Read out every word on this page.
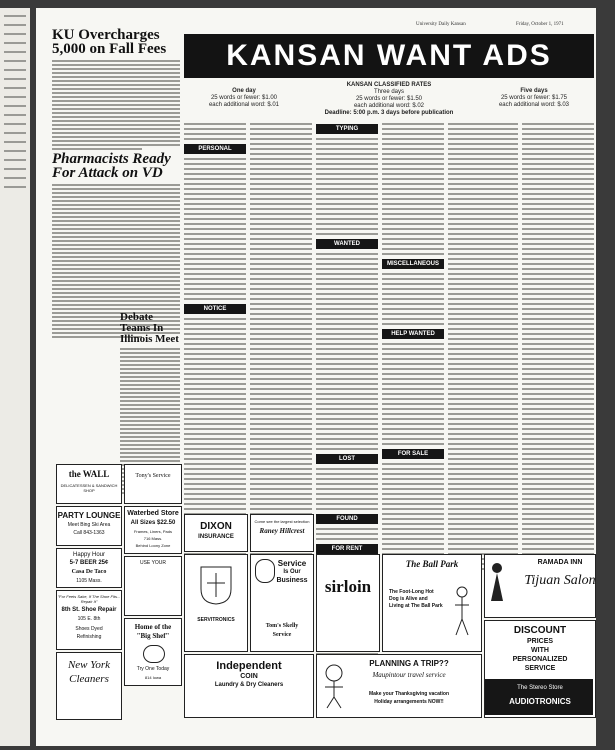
University Daily Kansan	Friday, October 1, 1971
KU Overcharges 5,000 on Fall Fees
Pharmacists Ready For Attack on VD
Debate Teams In Illinois Meet
KANSAN WANT ADS
One day
25 words or fewer: $1.00
each additional word: $.01
KANSAN CLASSIFIED RATES
Three days
25 words or fewer: $1.50
each additional word: $.02
Deadline: 5:00 p.m. 3 days before publication
Five days
25 words or fewer: $1.75
each additional word: $.03
PERSONAL
NOTICE
TYPING
WANTED
LOST
FOUND
FOR RENT
MISCELLANEOUS
HELP WANTED
FOR SALE
the WALL
DELICATESSEN & SANDWICH SHOP
Tony's Service
PARTY LOUNGE
Meet Bing Ski Area
Call 843-1363
Waterbed Store
All Sizes $22.50
Frames, Liners, Pads
716 Mass.
Behind Loony Zone
Happy Hour
5-7 BEER 25¢
Casa De Taco
1105 Mass.
USE YOUR
"For Feets Sake, If The Shoe Fits... Repair It"
8th St. Shoe Repair
105 E. 8th
Shoes Dyed
Refinishing
Home of the
"Big Shef"
Try One Today
814 Iowa
New York
Cleaners
DIXON
INSURANCE
Come see the largest selection
Raney Hillcrest
SERVITRONICS
Service
Is Our
Business
Tom's Skelly
Service
sirloin
The Ball Park
The Foot-Long Hot Dog is Alive and Living at The Ball Park
RAMADA INN
Tijuan Salon
Independent
COIN
Laundry & Dry Cleaners
PLANNING A TRIP??
Maupintour travel service
Make your Thanksgiving vacation
Holiday arrangements NOW!!
DISCOUNT
PRICES
WITH
PERSONALIZED
SERVICE
The Stereo Store
AUDIOTRONICS
